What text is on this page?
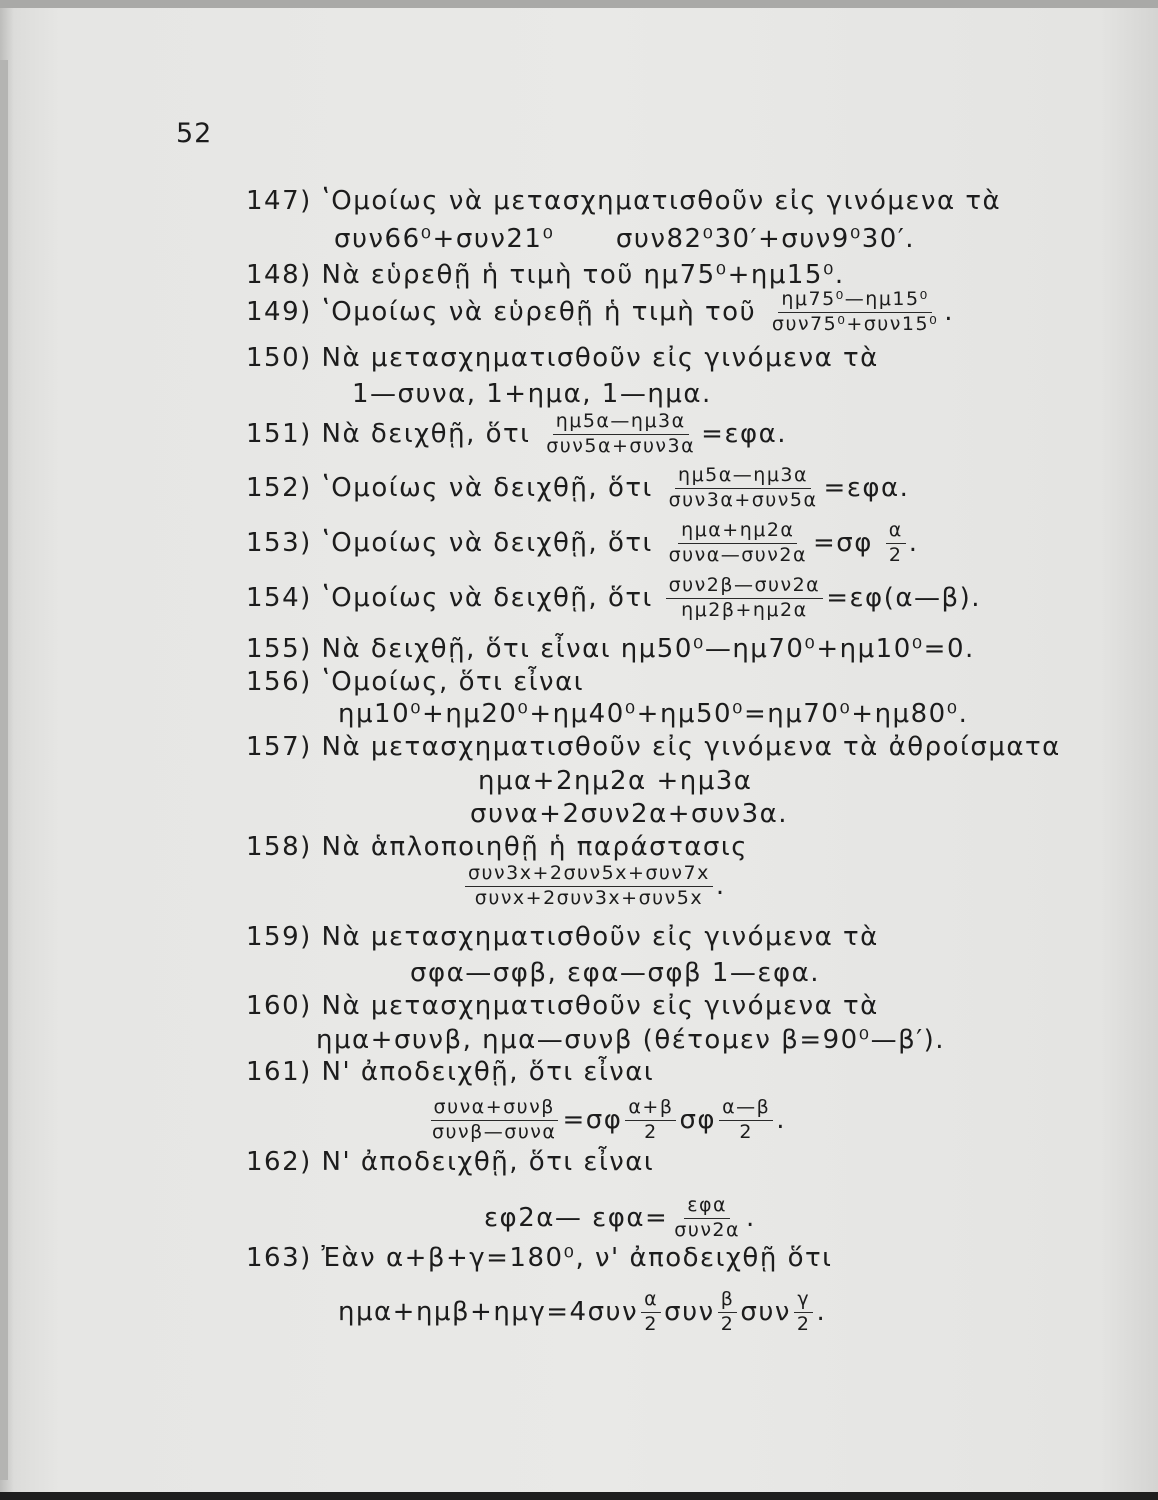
52
147) ʽΟμοίως νὰ μετασχηματισθοῦν εἰς γινόμενα τὰ
συν66⁰+συν21⁰ συν82⁰30′+συν9⁰30′.
148) Νὰ εὑρεθῇ ἡ τιμὴ τοῦ ημ75⁰+ημ15⁰.
149) ʽΟμοίως νὰ εὑρεθῇ ἡ τιμὴ τοῦ $\frac{\text{ημ75⁰—ημ15⁰}}{\text{συν75⁰+συν15⁰}}$ .
150) Νὰ μετασχηματισθοῦν εἰς γινόμενα τὰ
1—συνα, 1+ημα, 1—ημα.
151) Νὰ δειχθῇ, ὅτι $\frac{\eta\mu 5\alpha—\eta\mu 3\alpha}{\text{συν5α+συν3α}} =\varepsilon\varphi\alpha$.
152) ʽΟμοίως νὰ δειχθῇ, ὅτι $\frac{\eta\mu 5\alpha—\eta\mu 3\alpha}{\text{συν3α+συν5α}} =\varepsilon\varphi\alpha$.
153) ʽΟμοίως νὰ δειχθῇ, ὅτι $\frac{\text{ημα+ημ2α}}{\text{συνα—συν2α}} =\sigma\varphi \frac{\alpha}{2}$ .
154) ʽΟμοίως νὰ δειχθῇ, ὅτι $\frac{\text{συν2β—συν2α}}{\eta\mu 2\beta+\eta\mu 2\alpha}$ =εφ(α—β).
155) Νὰ δειχθῇ, ὅτι εἶναι ημ50⁰—ημ70⁰+ημ10⁰=0.
156) ʽΟμοίως, ὅτι εἶναι
ημ10⁰+ημ20⁰+ημ40⁰+ημ50⁰=ημ70⁰+ημ80⁰.
157) Νὰ μετασχηματισθοῦν εἰς γινόμενα τὰ ἀθροίσματα
ημα+2ημ2α +ημ3α
συνα+2συν2α+συν3α.
158) Νὰ ἁπλοποιηθῇ ἡ παράστασις
$\frac{\text{συν3x+2συν5x+συν7x}}{\text{συνx+2συν3x+συν5x}}$ .
159) Νὰ μετασχηματισθοῦν εἰς γινόμενα τὰ
σφα—σφβ, εφα—σφβ 1—εφα.
160) Νὰ μετασχηματισθοῦν εἰς γινόμενα τὰ
ημα+συνβ, ημα—συνβ (θέτομεν β=90⁰—β′).
161) Ν' ἀποδειχθῇ, ὅτι εἶναι
$\frac{\text{συνα+συνβ}}{\text{συνβ—συνα}} =\sigma\varphi \frac{\alpha+\beta}{2}$ σφ $\frac{\alpha—\beta}{2}$ .
162) Ν' ἀποδειχθῇ, ὅτι εἶναι
εφ2α— $\varepsilon\varphi\alpha= \frac{\text{εφα}}{\text{συν2α}}$ .
163) Ἐὰν α+β+γ=180⁰, ν' ἀποδειχθῇ ὅτι
$\eta\mu\alpha+\eta\mu\beta+\eta\mu\gamma=4\sigma\upsilon\nu \frac{\alpha}{2}$ συν $\frac{\beta}{2}$ συν $\frac{\gamma}{2}$ .
